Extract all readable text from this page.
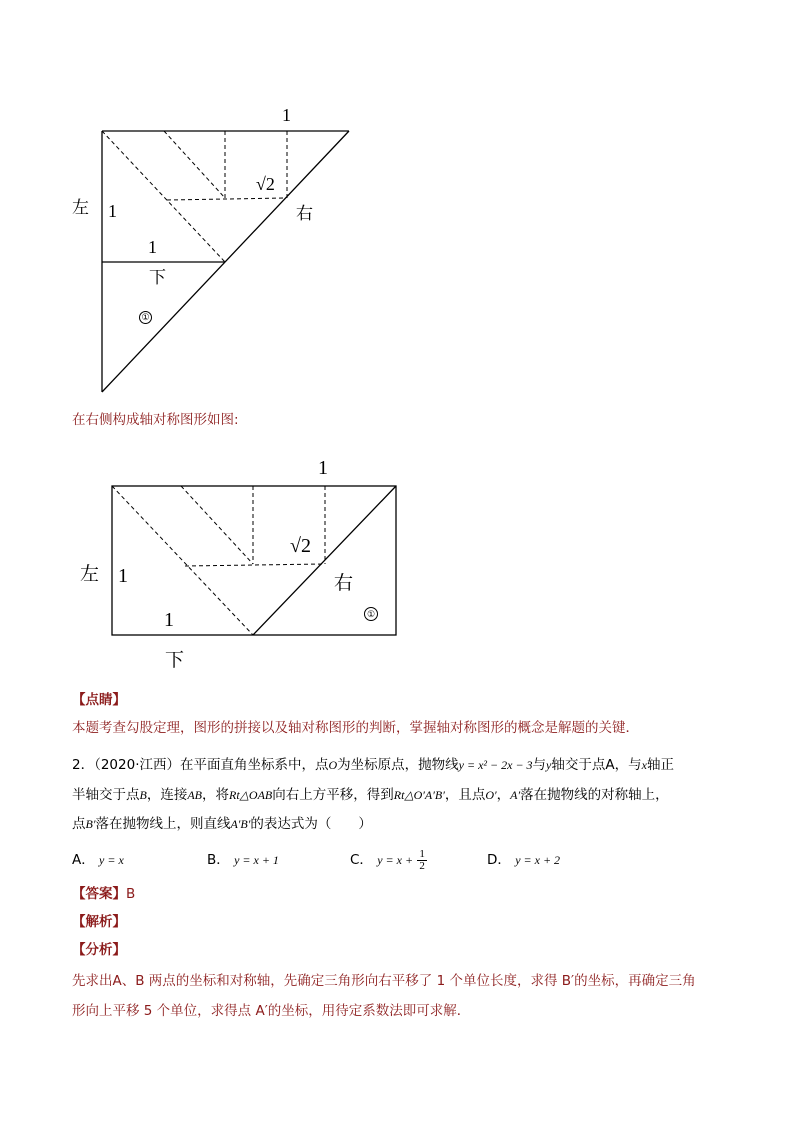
1
√2
右
左 1
1
下
①
在右侧构成轴对称图形如图:
1
√2
左 1	右
①
1
下
【点睛】
本题考查勾股定理，图形的拼接以及轴对称图形的判断，掌握轴对称图形的概念是解题的关键．
2．（2020·江西）在平面直角坐标系中，点O为坐标原点，抛物线y = x² − 2x − 3与y轴交于点A，与x轴正
半轴交于点B，连接AB，将Rt△OAB向右上方平移，得到Rt△O′A′B′，且点O′，A′落在抛物线的对称轴上，
点B′落在抛物线上，则直线A′B′的表达式为（　　）
A． y = x	B． y = x + 1	C． $y = x + \frac{1}{2}$	D． y = x + 2
【答案】B
【解析】
【分析】
先求出A、B 两点的坐标和对称轴，先确定三角形向右平移了 1 个单位长度，求得 B′的坐标，再确定三角
形向上平移 5 个单位，求得点 A′的坐标，用待定系数法即可求解．
